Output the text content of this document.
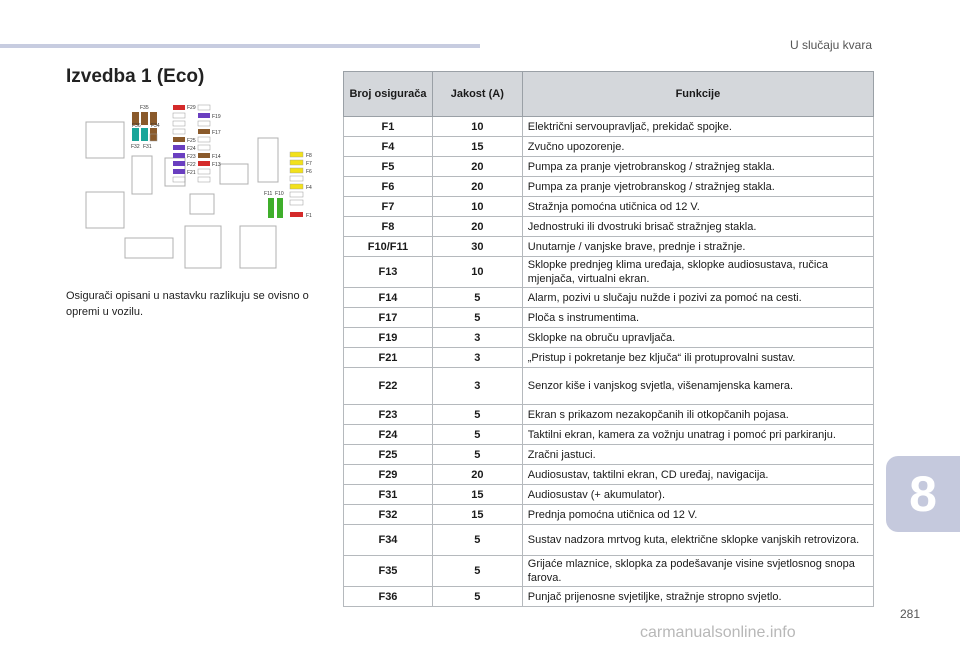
U slučaju kvara
Izvedba 1 (Eco)
F35
F36 F34
F32 F31
F29
F19
F17
F25
F24
F23
F22
F21
F14
F13
F8
F7
F6
F4
F1
F11 F10
Osigurači opisani u nastavku razlikuju se ovisno o opremi u vozilu.
Broj osigurača	Jakost (A)	Funkcije
F1	10	Električni servoupravljač, prekidač spojke.
F4	15	Zvučno upozorenje.
F5	20	Pumpa za pranje vjetrobranskog / stražnjeg stakla.
F6	20	Pumpa za pranje vjetrobranskog / stražnjeg stakla.
F7	10	Stražnja pomoćna utičnica od 12 V.
F8	20	Jednostruki ili dvostruki brisač stražnjeg stakla.
F10/F11	30	Unutarnje / vanjske brave, prednje i stražnje.
F13	10	Sklopke prednjeg klima uređaja, sklopke audiosustava, ručica mjenjača, virtualni ekran.
F14	5	Alarm, pozivi u slučaju nužde i pozivi za pomoć na cesti.
F17	5	Ploča s instrumentima.
F19	3	Sklopke na obruču upravljača.
F21	3	„Pristup i pokretanje bez ključa“ ili protuprovalni sustav.
F22	3	Senzor kiše i vanjskog svjetla, višenamjenska kamera.
F23	5	Ekran s prikazom nezakopčanih ili otkopčanih pojasa.
F24	5	Taktilni ekran, kamera za vožnju unatrag i pomoć pri parkiranju.
F25	5	Zračni jastuci.
F29	20	Audiosustav, taktilni ekran, CD uređaj, navigacija.
F31	15	Audiosustav (+ akumulator).
F32	15	Prednja pomoćna utičnica od 12 V.
F34	5	Sustav nadzora mrtvog kuta, električne sklopke vanjskih retrovizora.
F35	5	Grijaće mlaznice, sklopka za podešavanje visine svjetlosnog snopa farova.
F36	5	Punjač prijenosne svjetiljke, stražnje stropno svjetlo.
8
281
carmanualsonline.info
